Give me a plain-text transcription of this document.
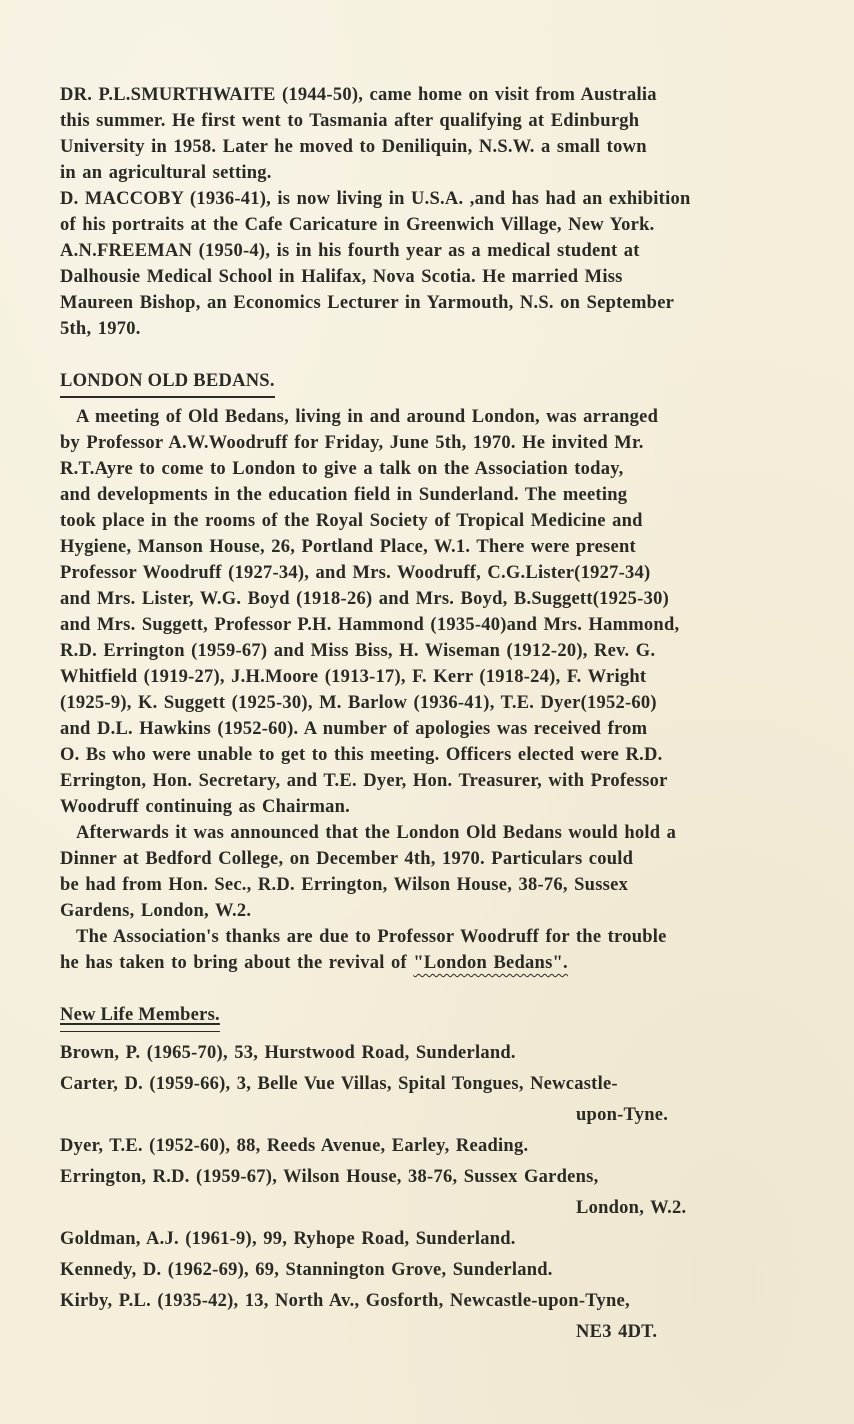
DR. P.L.SMURTHWAITE (1944-50), came home on visit from Australia

this summer. He first went to Tasmania after qualifying at Edinburgh

University in 1958. Later he moved to Deniliquin, N.S.W. a small town

in an agricultural setting.

D. MACCOBY (1936-41), is now living in U.S.A. ,and has had an exhibition

of his portraits at the Cafe Caricature in Greenwich Village, New York.

A.N.FREEMAN (1950-4), is in his fourth year as a medical student at

Dalhousie Medical School in Halifax, Nova Scotia. He married Miss

Maureen Bishop, an Economics Lecturer in Yarmouth, N.S. on September

5th, 1970.

LONDON OLD BEDANS.

A meeting of Old Bedans, living in and around London, was arranged

by Professor A.W.Woodruff for Friday, June 5th, 1970. He invited Mr.

R.T.Ayre to come to London to give a talk on the Association today,

and developments in the education field in Sunderland. The meeting

took place in the rooms of the Royal Society of Tropical Medicine and

Hygiene, Manson House, 26, Portland Place, W.1. There were present

Professor Woodruff (1927-34), and Mrs. Woodruff, C.G.Lister(1927-34)

and Mrs. Lister, W.G. Boyd (1918-26) and Mrs. Boyd, B.Suggett(1925-30)

and Mrs. Suggett, Professor P.H. Hammond (1935-40)and Mrs. Hammond,

R.D. Errington (1959-67) and Miss Biss, H. Wiseman (1912-20), Rev. G.

Whitfield (1919-27), J.H.Moore (1913-17), F. Kerr (1918-24), F. Wright

(1925-9), K. Suggett (1925-30), M. Barlow (1936-41), T.E. Dyer(1952-60)

and D.L. Hawkins (1952-60). A number of apologies was received from

O. Bs who were unable to get to this meeting. Officers elected were R.D.

Errington, Hon. Secretary, and T.E. Dyer, Hon. Treasurer, with Professor

Woodruff continuing as Chairman.

Afterwards it was announced that the London Old Bedans would hold a

Dinner at Bedford College, on December 4th, 1970. Particulars could

be had from Hon. Sec., R.D. Errington, Wilson House, 38-76, Sussex

Gardens, London, W.2.

The Association's thanks are due to Professor Woodruff for the trouble

he has taken to bring about the revival of "London Bedans".

New Life Members.

Brown, P. (1965-70), 53, Hurstwood Road, Sunderland.

Carter, D. (1959-66), 3, Belle Vue Villas, Spital Tongues, Newcastle-

upon-Tyne.

Dyer, T.E. (1952-60), 88, Reeds Avenue, Earley, Reading.

Errington, R.D. (1959-67), Wilson House, 38-76, Sussex Gardens,

London, W.2.

Goldman, A.J. (1961-9), 99, Ryhope Road, Sunderland.

Kennedy, D. (1962-69), 69, Stannington Grove, Sunderland.

Kirby, P.L. (1935-42), 13, North Av., Gosforth, Newcastle-upon-Tyne,

NE3 4DT.
